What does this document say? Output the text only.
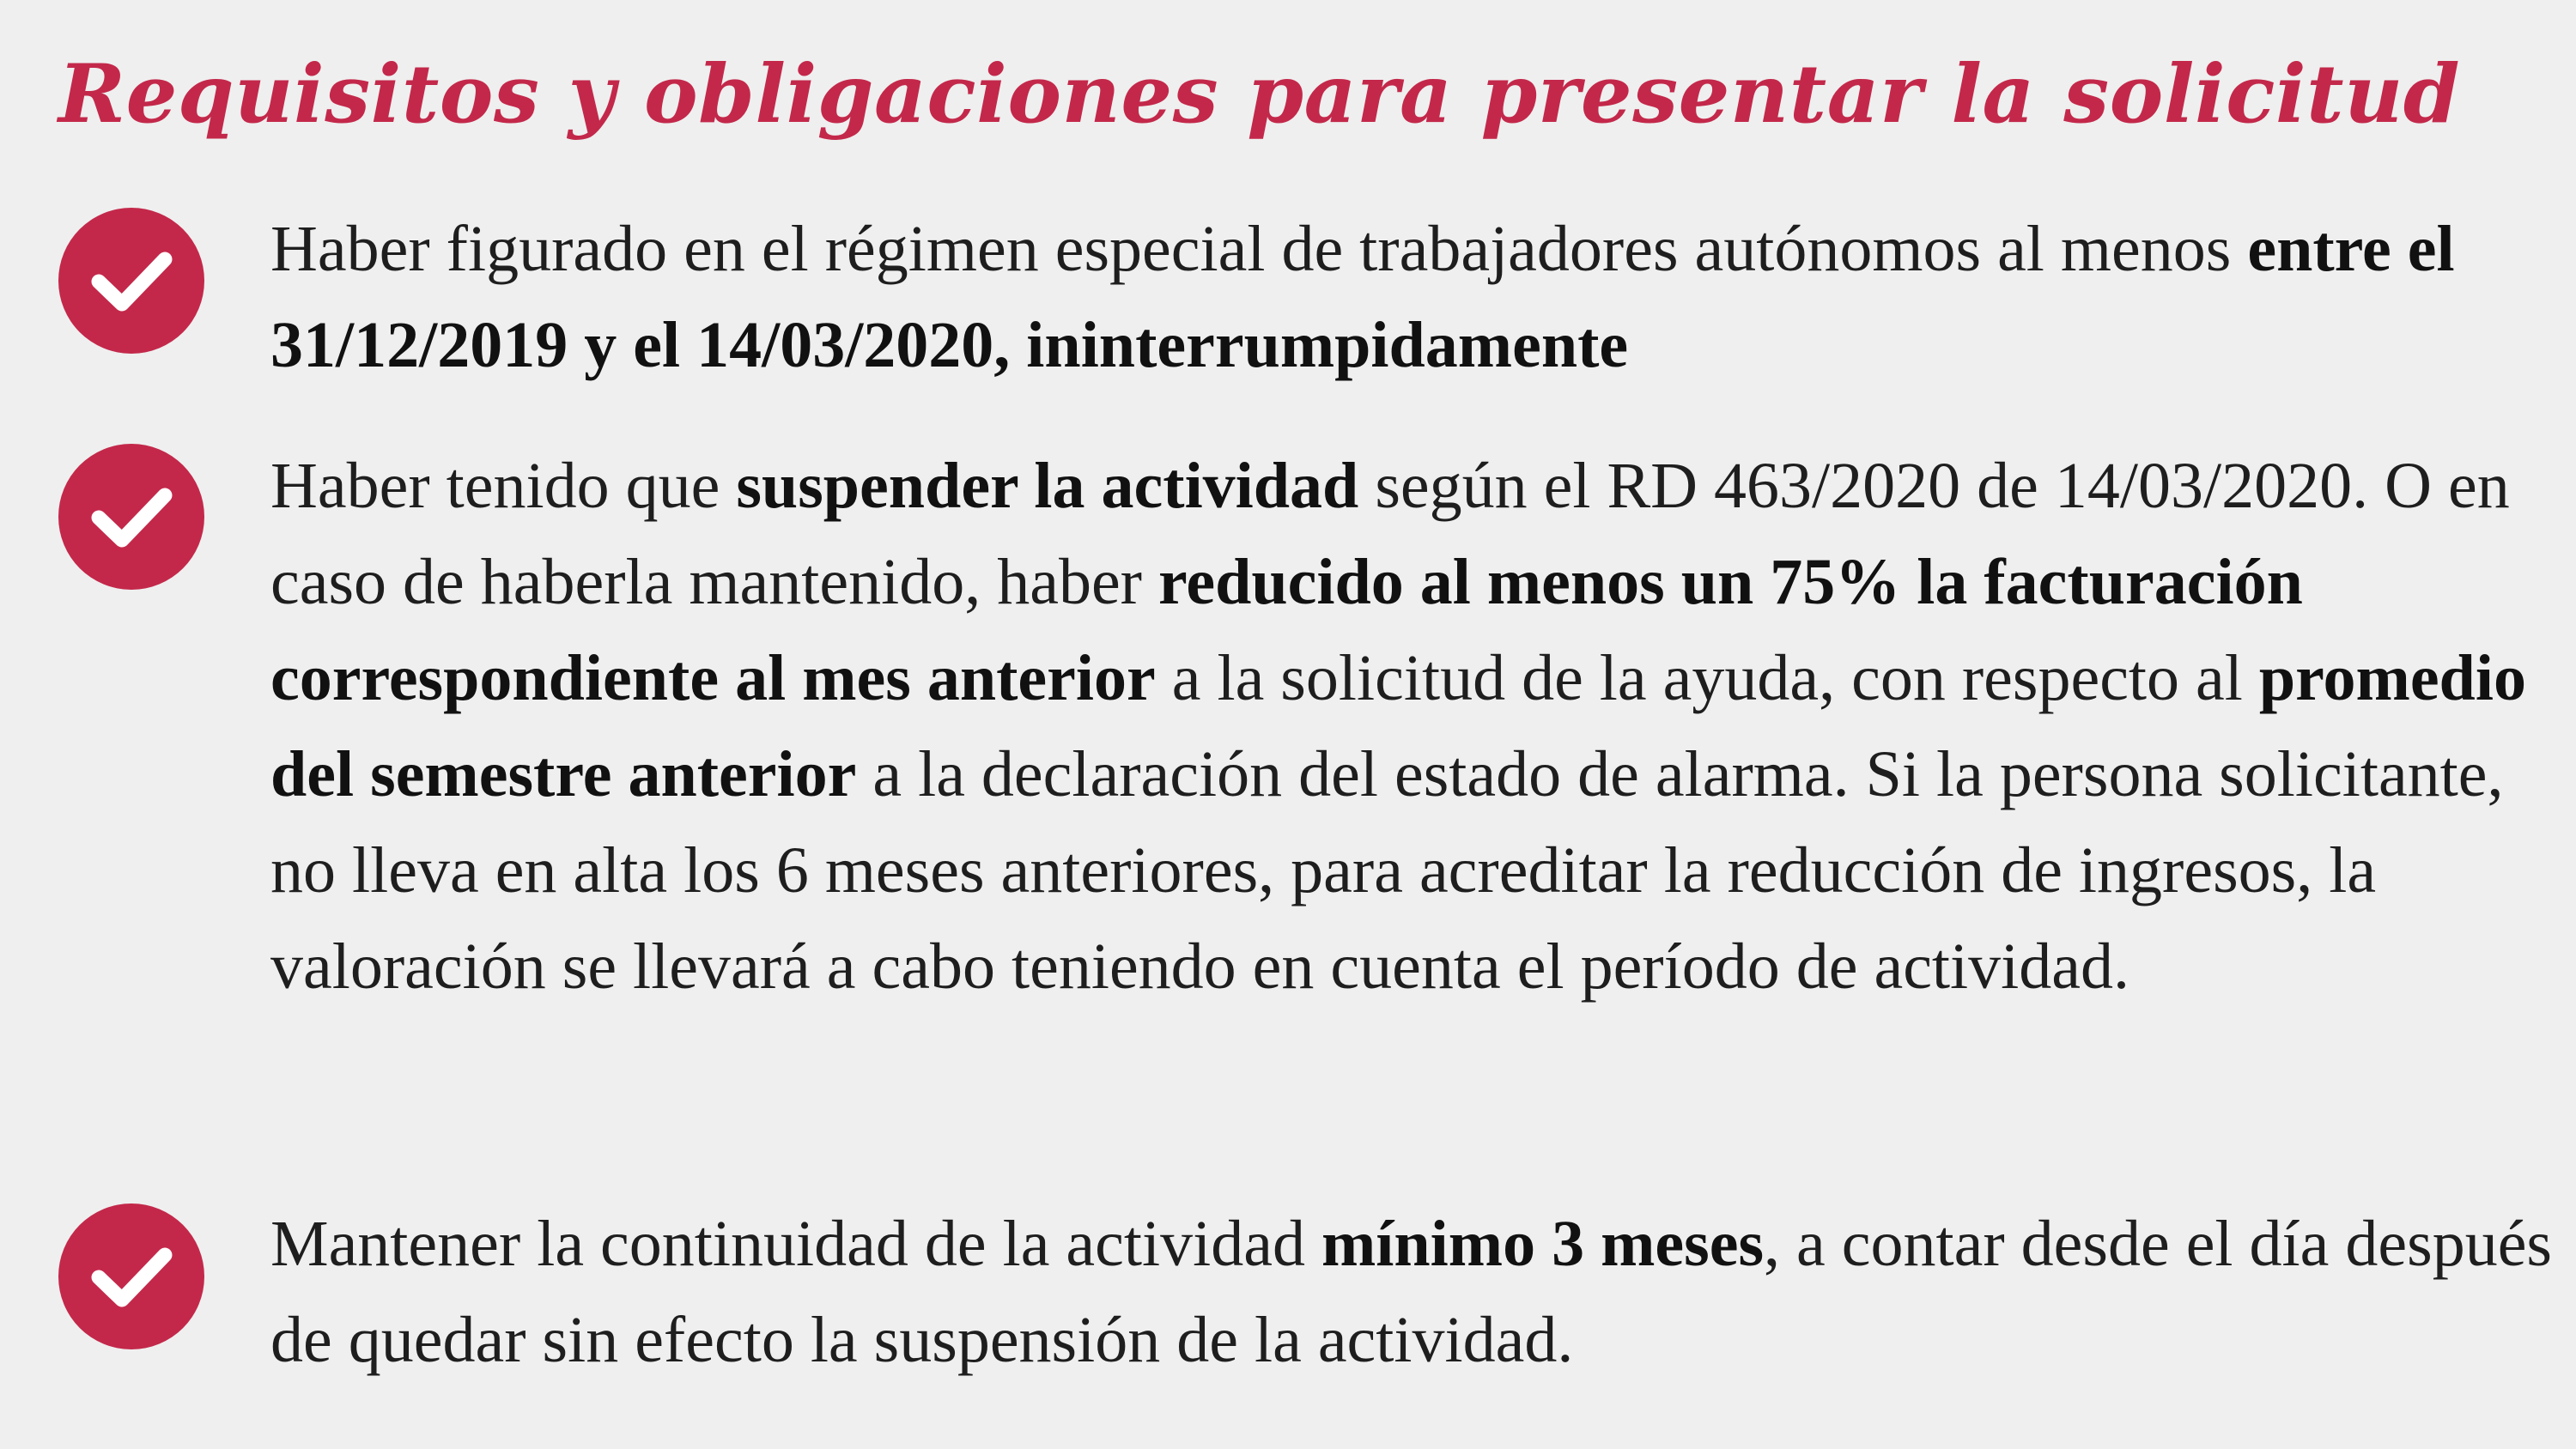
Requisitos y obligaciones para presentar la solicitud

Haber figurado en el régimen especial de trabajadores autónomos al menos entre el 31/12/2019 y el 14/03/2020, ininterrumpidamente

Haber tenido que suspender la actividad según el RD 463/2020 de 14/03/2020. O en caso de haberla mantenido, haber reducido al menos un 75% la facturación correspondiente al mes anterior a la solicitud de la ayuda, con respecto al promedio del semestre anterior a la declaración del estado de alarma. Si la persona solicitante, no lleva en alta los 6 meses anteriores, para acreditar la reducción de ingresos, la valoración se llevará a cabo teniendo en cuenta el período de actividad.

Mantener la continuidad de la actividad mínimo 3 meses, a contar desde el día después de quedar sin efecto la suspensión de la actividad.
